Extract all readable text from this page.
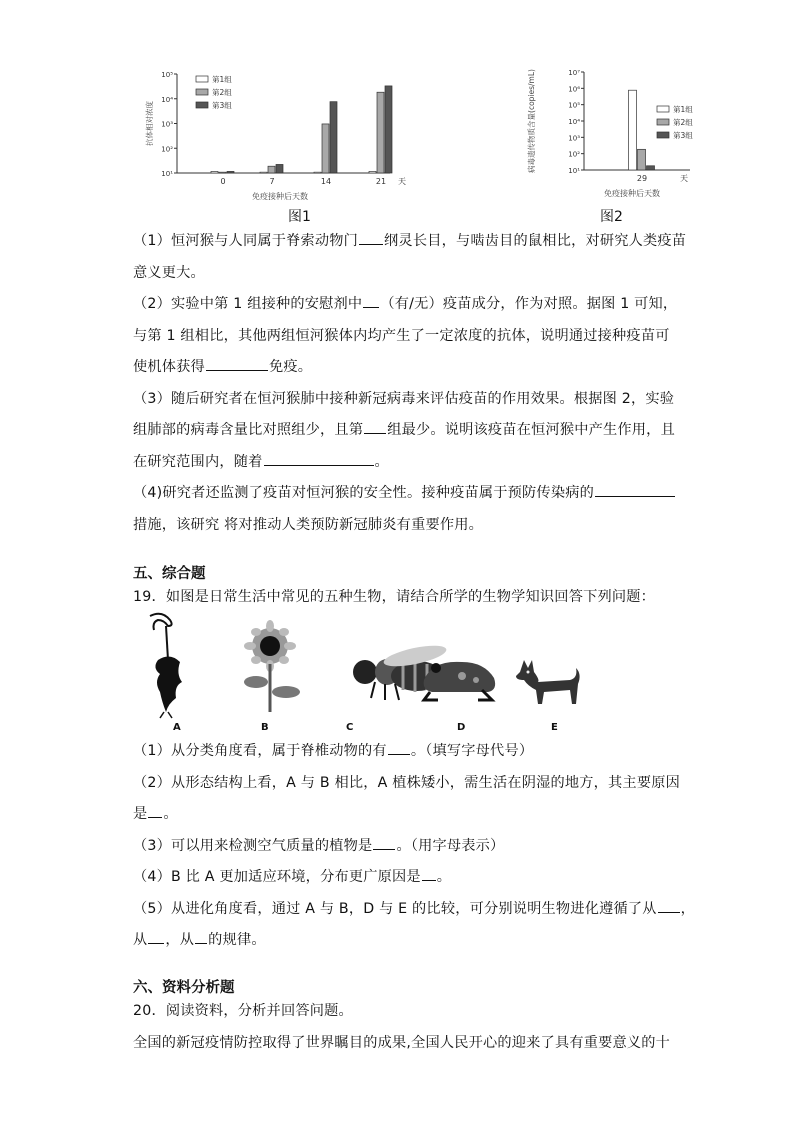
10¹
10²
10³
10⁴
10⁵
0	7	14	21 天
免疫接种后天数
抗体相对浓度
第1组
第2组
第3组
图1
10¹
10²
10³
10⁴
10⁵
10⁶
10⁷
29	天
免疫接种后天数
病毒遗传物质含量(copies/mL)	第1组
第2组
第3组
图2
（1）恒河猴与人同属于脊索动物门 纲灵长目，与啮齿目的鼠相比，对研究人类疫苗
意义更大。
（2）实验中第 1 组接种的安慰剂中 （有/无）疫苗成分，作为对照。据图 1 可知，
与第 1 组相比，其他两组恒河猴体内均产生了一定浓度的抗体，说明通过接种疫苗可
使机体获得	免疫。
（3）随后研究者在恒河猴肺中接种新冠病毒来评估疫苗的作用效果。根据图 2，实验
组肺部的病毒含量比对照组少，且第 组最少。说明该疫苗在恒河猴中产生作用，且
在研究范围内，随着	。
（4)研究者还监测了疫苗对恒河猴的安全性。接种疫苗属于预防传染病的
措施，该研究 将对推动人类预防新冠肺炎有重要作用。
五、综合题
19．如图是日常生活中常见的五种生物，请结合所学的生物学知识回答下列问题：
A	B	C	D	E
（1）从分类角度看，属于脊椎动物的有 。（填写字母代号）
（2）从形态结构上看，A 与 B 相比，A 植株矮小，需生活在阴湿的地方，其主要原因
是 。
（3）可以用来检测空气质量的植物是 。（用字母表示）
（4）B 比 A 更加适应环境，分布更广原因是 。
（5）从进化角度看，通过 A 与 B，D 与 E 的比较，可分别说明生物进化遵循了从 ，
从 ，从 的规律。
六、资料分析题
20．阅读资料，分析并回答问题。
全国的新冠疫情防控取得了世界瞩目的成果,全国人民开心的迎来了具有重要意义的十
